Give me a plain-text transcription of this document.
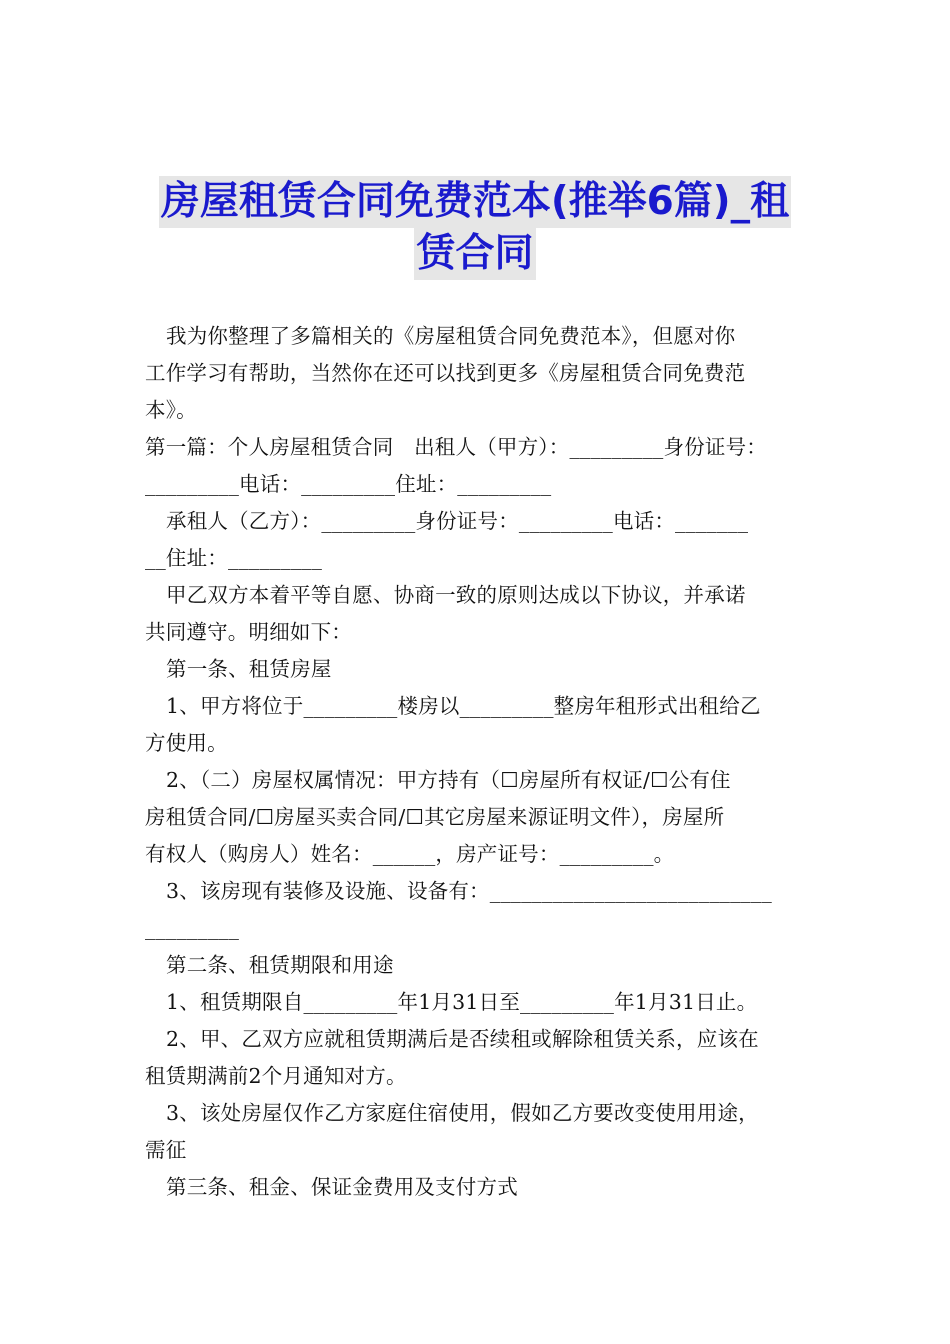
房屋租赁合同免费范本(推举6篇)_租
赁合同

我为你整理了多篇相关的《房屋租赁合同免费范本》，但愿对你

工作学习有帮助，当然你在还可以找到更多《房屋租赁合同免费范

本》。

第一篇：个人房屋租赁合同　出租人（甲方）：_________身份证号：

_________电话：_________住址：_________

承租人（乙方）：_________身份证号：_________电话：_______

__住址：_________

甲乙双方本着平等自愿、协商一致的原则达成以下协议，并承诺

共同遵守。明细如下：

第一条、租赁房屋

1、甲方将位于_________楼房以_________整房年租形式出租给乙

方使用。

2、（二）房屋权属情况：甲方持有（☐房屋所有权证/☐公有住

房租赁合同/☐房屋买卖合同/☐其它房屋来源证明文件），房屋所

有权人（购房人）姓名：______，房产证号：_________。

3、该房现有装修及设施、设备有：___________________________

_________

第二条、租赁期限和用途

1、租赁期限自_________年1月31日至_________年1月31日止。

2、甲、乙双方应就租赁期满后是否续租或解除租赁关系，应该在

租赁期满前2个月通知对方。

3、该处房屋仅作乙方家庭住宿使用，假如乙方要改变使用用途，

需征

第三条、租金、保证金费用及支付方式
